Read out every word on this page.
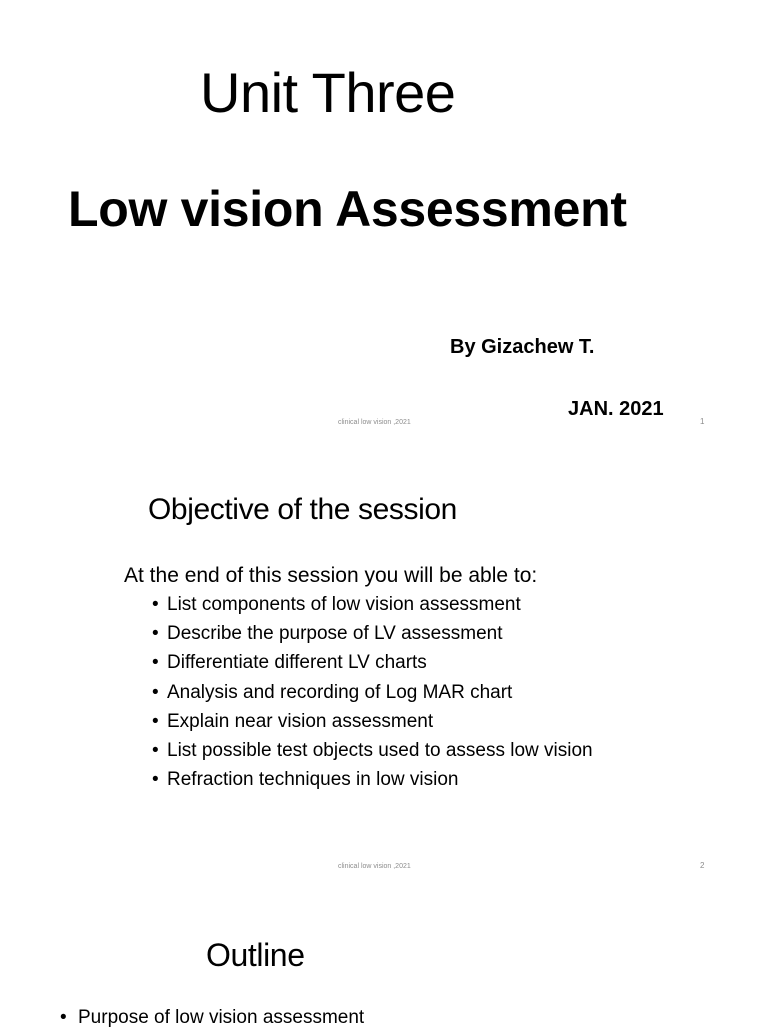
Unit Three
Low vision Assessment
By Gizachew T.
JAN. 2021
clinical low vision ,2021	1
Objective of the session
At the end of this session you will be able to:
• List components of low vision assessment
• Describe the purpose of LV assessment
• Differentiate different LV charts
• Analysis and recording of Log MAR chart
• Explain near vision assessment
• List possible test objects used to assess low vision
• Refraction techniques in low vision
clinical low vision ,2021	2
Outline
• Purpose of low vision assessment
